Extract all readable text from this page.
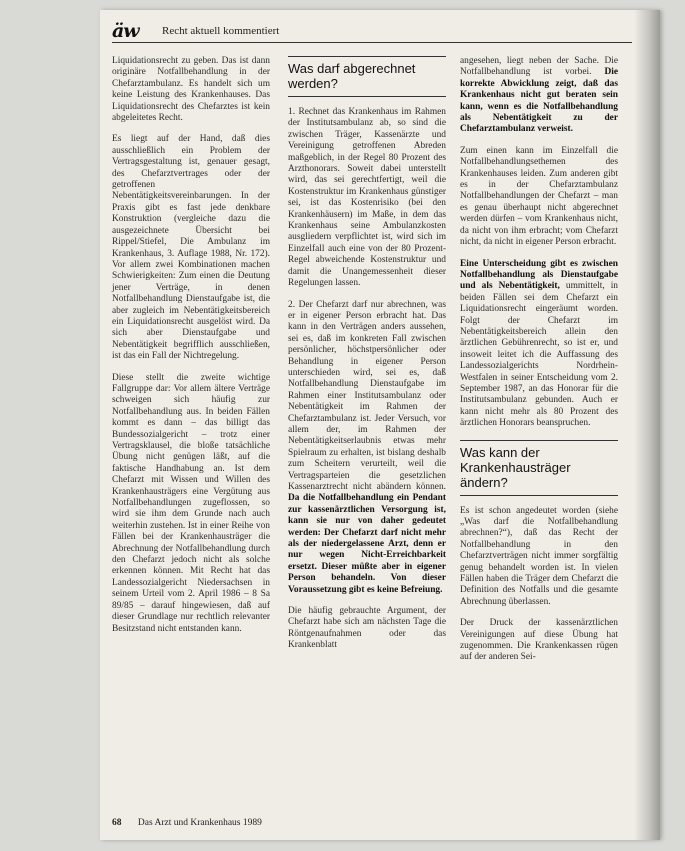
äw Recht aktuell kommentiert

Liquidationsrecht zu geben. Das ist dann originäre Notfallbehandlung in der Chefarztambulanz. Es handelt sich um keine Leistung des Krankenhauses. Das Liquidationsrecht des Chefarztes ist kein abgeleitetes Recht.

Es liegt auf der Hand, daß dies ausschließlich ein Problem der Vertragsgestaltung ist, genauer gesagt, des Chefarztvertrages oder der getroffenen Nebentätigkeitsvereinbarungen. In der Praxis gibt es fast jede denkbare Konstruktion (vergleiche dazu die ausgezeichnete Übersicht bei Rippel/Stiefel, Die Ambulanz im Krankenhaus, 3. Auflage 1988, Nr. 172). Vor allem zwei Kombinationen machen Schwierigkeiten: Zum einen die Deutung jener Verträge, in denen Notfallbehandlung Dienstaufgabe ist, die aber zugleich im Nebentätigkeitsbereich ein Liquidationsrecht ausgelöst wird. Da sich aber Dienstaufgabe und Nebentätigkeit begrifflich ausschließen, ist das ein Fall der Nichtregelung.

Diese stellt die zweite wichtige Fallgruppe dar: Vor allem ältere Verträge schweigen sich häufig zur Notfallbehandlung aus. In beiden Fällen kommt es dann – das billigt das Bundessozialgericht – trotz einer Vertragsklausel, die bloße tatsächliche Übung nicht genügen läßt, auf die faktische Handhabung an. Ist dem Chefarzt mit Wissen und Willen des Krankenhausträgers eine Vergütung aus Notfallbehandlungen zugeflossen, so wird sie ihm dem Grunde nach auch weiterhin zustehen. Ist in einer Reihe von Fällen bei der Krankenhausträger die Abrechnung der Notfallbehandlung durch den Chefarzt jedoch nicht als solche erkennen können. Mit Recht hat das Landessozialgericht Niedersachsen in seinem Urteil vom 2. April 1986 – 8 Sa 89/85 – darauf hingewiesen, daß auf dieser Grundlage nur rechtlich relevanter Besitzstand nicht entstanden kann.

Was darf abgerechnet werden?

1. Rechnet das Krankenhaus im Rahmen der Institutsambulanz ab, so sind die zwischen Träger, Kassenärzte und Vereinigung getroffenen Abreden maßgeblich, in der Regel 80 Prozent des Arzthonorars. Soweit dabei unterstellt wird, das sei gerechtfertigt, weil die Kostenstruktur im Krankenhaus günstiger sei, ist das Kostenrisiko (bei den Krankenhäusern) im Maße, in dem das Krankenhaus seine Ambulanzkosten ausgliedern verpflichtet ist, wird sich im Einzelfall auch eine von der 80 Prozent-Regel abweichende Kostenstruktur und damit die Unangemessenheit dieser Regelungen lassen.

2. Der Chefarzt darf nur abrechnen, was er in eigener Person erbracht hat. Das kann in den Verträgen anders aussehen, sei es, daß im konkreten Fall zwischen persönlicher, höchstpersönlicher oder Behandlung in eigener Person unterschieden wird, sei es, daß Notfallbehandlung Dienstaufgabe im Rahmen einer Institutsambulanz oder Nebentätigkeit im Rahmen der Chefarztambulanz ist. Jeder Versuch, vor allem der, im Rahmen der Nebentätigkeitserlaubnis etwas mehr Spielraum zu erhalten, ist bislang deshalb zum Scheitern verurteilt, weil die Vertragsparteien die gesetzlichen Kassenarztrecht nicht abändern können. Da die Notfallbehandlung ein Pendant zur kassenärztlichen Versorgung ist, kann sie nur von daher gedeutet werden: Der Chefarzt darf nicht mehr als der niedergelassene Arzt, denn er nur wegen Nicht-Erreichbarkeit ersetzt. Dieser müßte aber in eigener Person behandeln. Von dieser Voraussetzung gibt es keine Befreiung.

Die häufig gebrauchte Argument, der Chefarzt habe sich am nächsten Tage die Röntgenaufnahmen oder das Krankenblatt

angesehen, liegt neben der Sache. Die Notfallbehandlung ist vorbei. Die korrekte Abwicklung zeigt, daß das Krankenhaus nicht gut beraten sein kann, wenn es die Notfallbehandlung als Nebentätigkeit zu der Chefarztambulanz verweist.

Zum einen kann im Einzelfall die Notfallbehandlungsethemen des Krankenhauses leiden. Zum anderen gibt es in der Chefarztambulanz Notfallbehandlungen der Chefarzt – man es genau überhaupt nicht abgerechnet werden dürfen – vom Krankenhaus nicht, da nicht von ihm erbracht; vom Chefarzt nicht, da nicht in eigener Person erbracht.

Eine Unterscheidung gibt es zwischen Notfallbehandlung als Dienstaufgabe und als Nebentätigkeit, ummittelt, in beiden Fällen sei dem Chefarzt ein Liquidationsrecht eingeräumt worden. Folgt der Chefarzt im Nebentätigkeitsbereich allein den ärztlichen Gebührenrecht, so ist er, und insoweit leitet ich die Auffassung des Landessozialgerichts Nordrhein-Westfalen in seiner Entscheidung vom 2. September 1987, an das Honorar für die Institutsambulanz gebunden. Auch er kann nicht mehr als 80 Prozent des ärztlichen Honorars beanspruchen.

Was kann der Krankenhausträger ändern?

Es ist schon angedeutet worden (siehe „Was darf die Notfallbehandlung abrechnen?“), daß das Recht der Notfallbehandlung in den Chefarztverträgen nicht immer sorgfältig genug behandelt worden ist. In vielen Fällen haben die Träger dem Chefarzt die Definition des Notfalls und die gesamte Abrechnung überlassen.

Der Druck der kassenärztlichen Vereinigungen auf diese Übung hat zugenommen. Die Krankenkassen rügen auf der anderen Sei-

68 Das Arzt und Krankenhaus 1989
